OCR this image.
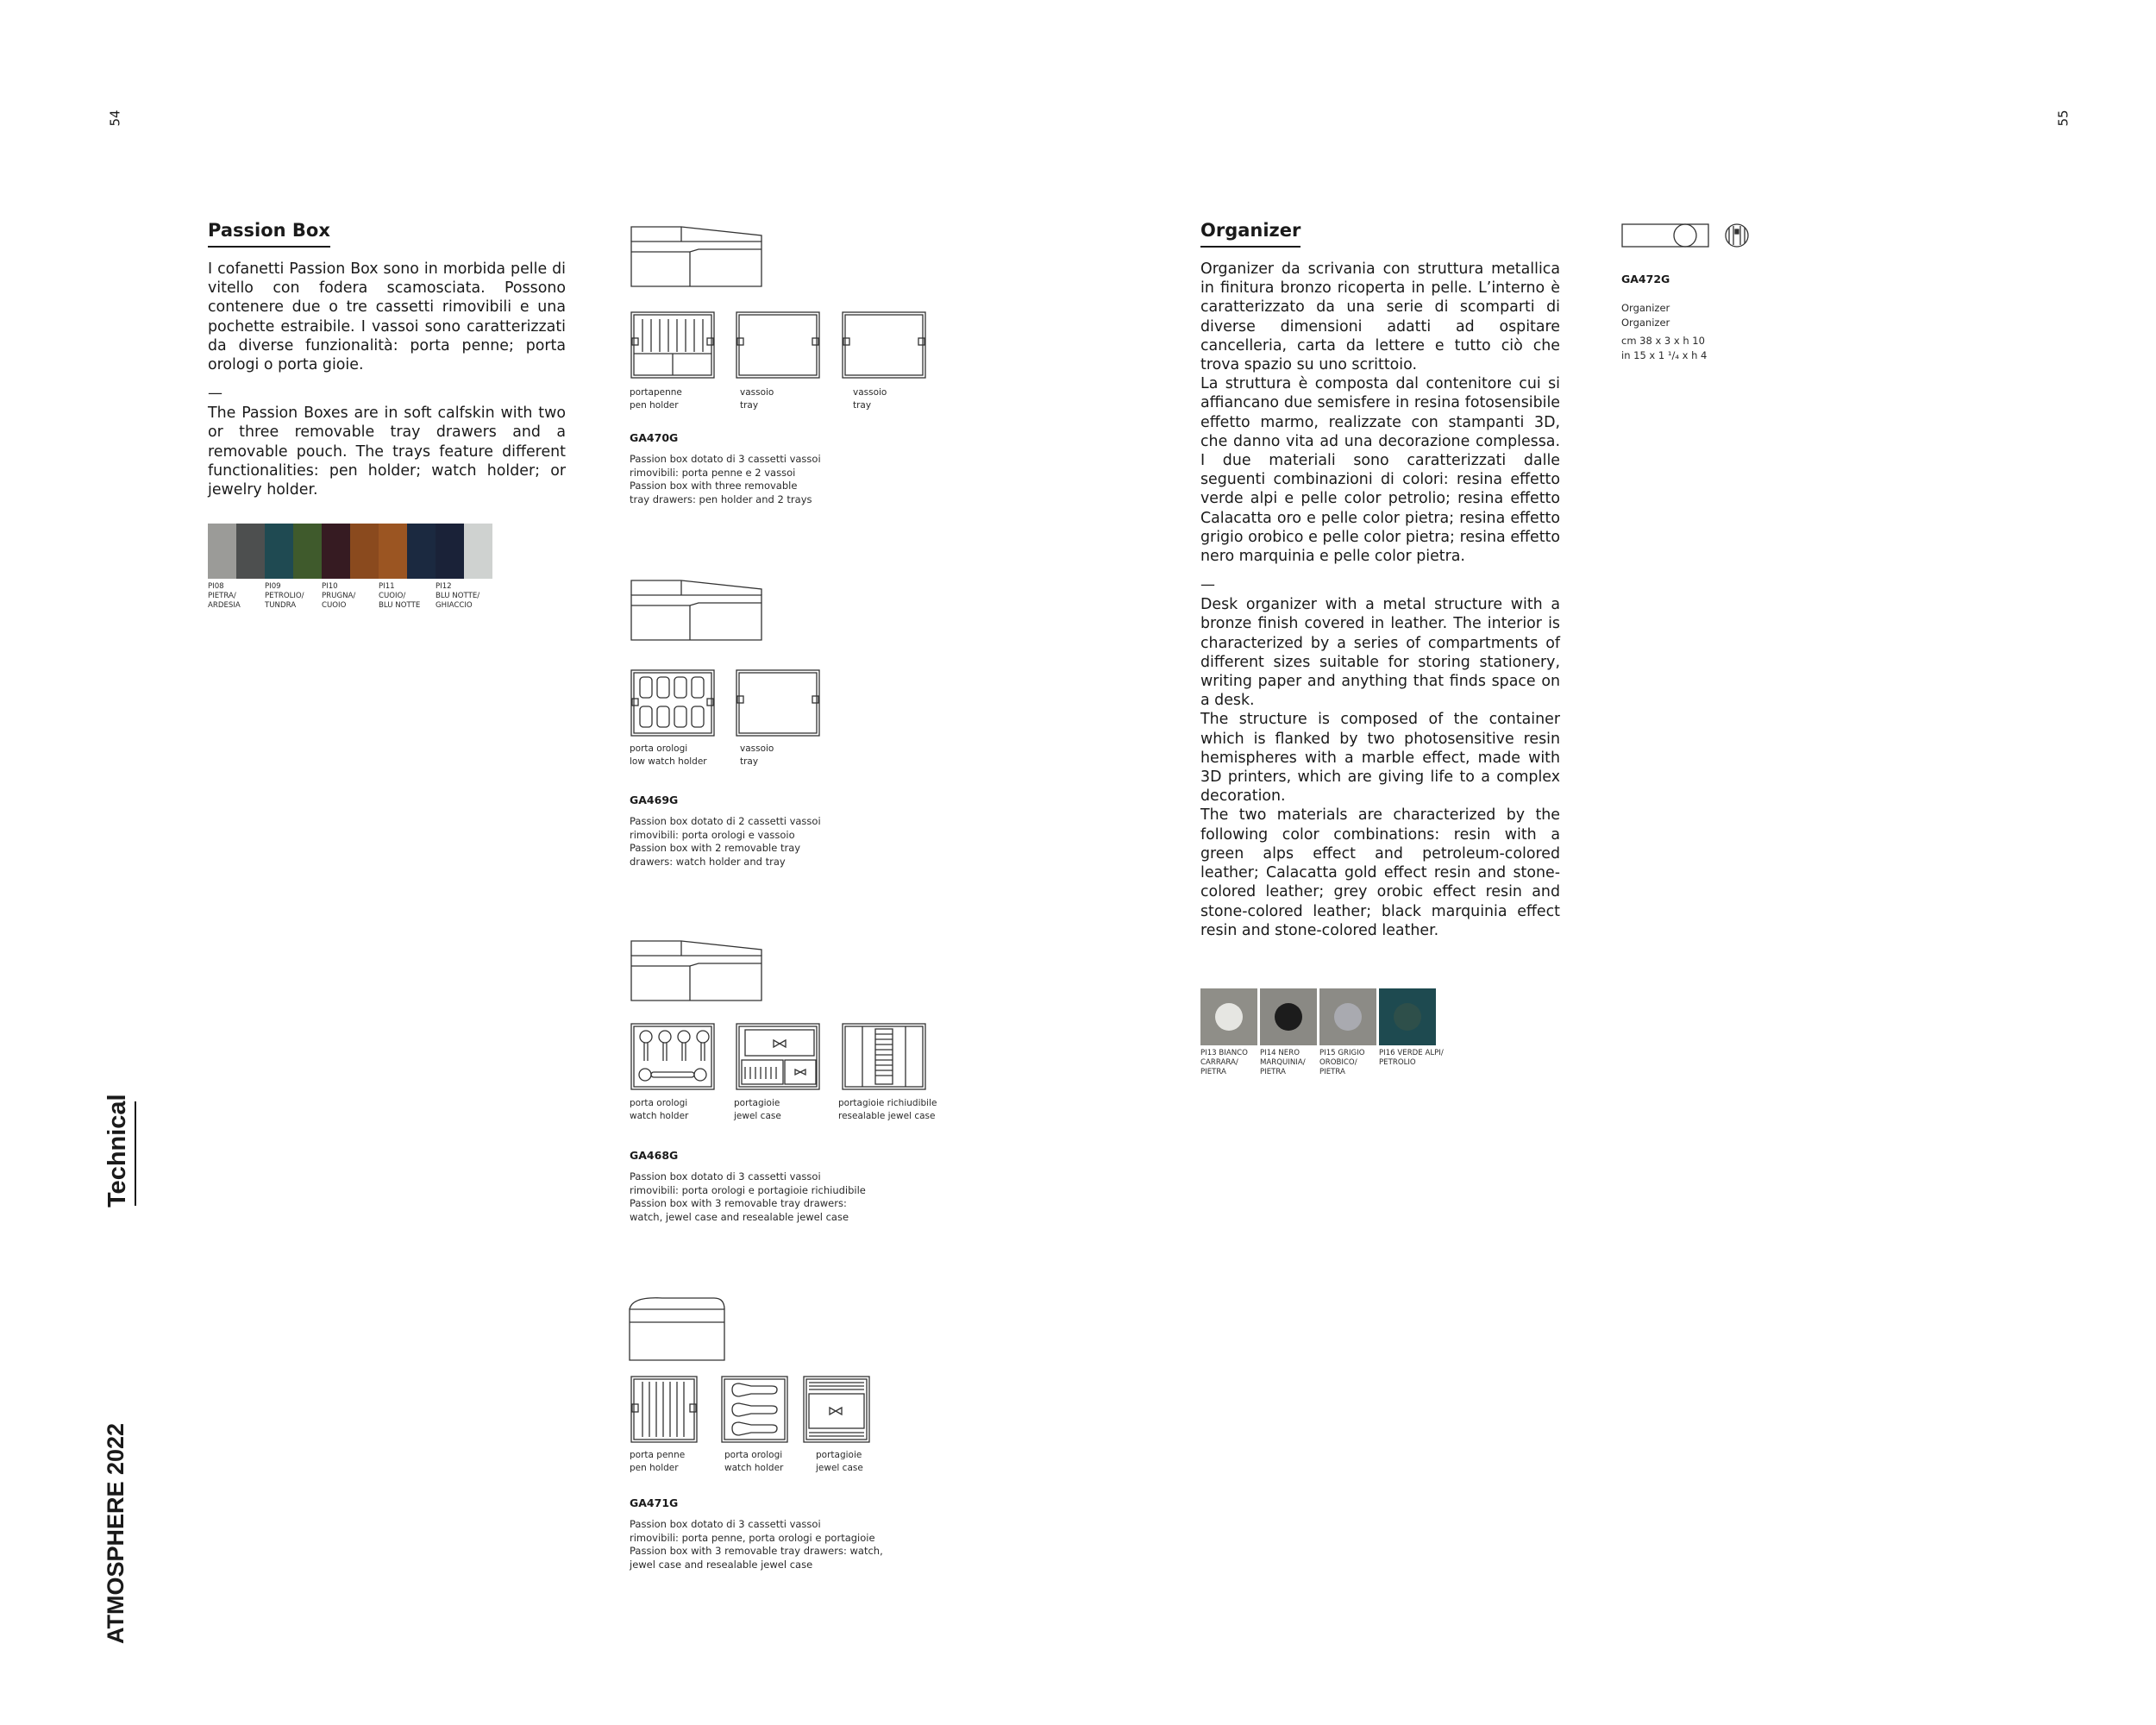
54	55
Technical
ATMOSPHERE 2022
Passion Box
I cofanetti Passion Box sono in morbida pelle di vitello con fodera scamosciata. Possono contenere due o tre cassetti rimovibili e una pochette estraibile. I vassoi sono caratterizzati da diverse funzionalità: porta penne; porta orologi o porta gioie.
—
The Passion Boxes are in soft calfskin with two or three removable tray drawers and a removable pouch. The trays feature different functionalities: pen holder; watch holder; or jewelry holder.
PI08
PIETRA/
ARDESIA
PI09
PETROLIO/
TUNDRA
PI10
PRUGNA/
CUOIO
PI11
CUOIO/
BLU NOTTE
PI12
BLU NOTTE/
GHIACCIO
portapenne
pen holder
vassoio
tray
vassoio
tray
GA470G
Passion box dotato di 3 cassetti vassoi
rimovibili: porta penne e 2 vassoi
Passion box with three removable
tray drawers: pen holder and 2 trays
porta orologi
low watch holder
vassoio
tray
GA469G
Passion box dotato di 2 cassetti vassoi
rimovibili: porta orologi e vassoio
Passion box with 2 removable tray
drawers: watch holder and tray
porta orologi
watch holder
portagioie
jewel case
portagioie richiudibile
resealable jewel case
GA468G
Passion box dotato di 3 cassetti vassoi
rimovibili: porta orologi e portagioie richiudibile
Passion box with 3 removable tray drawers:
watch, jewel case and resealable jewel case
porta penne
pen holder
porta orologi
watch holder
portagioie
jewel case
GA471G
Passion box dotato di 3 cassetti vassoi
rimovibili: porta penne, porta orologi e portagioie
Passion box with 3 removable tray drawers: watch,
jewel case and resealable jewel case
Organizer
Organizer da scrivania con struttura metallica in finitura bronzo ricoperta in pelle. L’interno è caratterizzato da una serie di scomparti di diverse dimensioni adatti ad ospitare cancelleria, carta da lettere e tutto ciò che trova spazio su uno scrittoio.
La struttura è composta dal contenitore cui si affiancano due semisfere in resina fotosensibile effetto marmo, realizzate con stampanti 3D, che danno vita ad una decorazione complessa. I due materiali sono caratterizzati dalle seguenti combinazioni di colori: resina effetto verde alpi e pelle color petrolio; resina effetto Calacatta oro e pelle color pietra; resina effetto grigio orobico e pelle color pietra; resina effetto nero marquinia e pelle color pietra.
—
Desk organizer with a metal structure with a bronze finish covered in leather. The interior is characterized by a series of compartments of different sizes suitable for storing stationery, writing paper and anything that finds space on a desk.
The structure is composed of the container which is flanked by two photosensitive resin hemispheres with a marble effect, made with 3D printers, which are giving life to a complex decoration.
The two materials are characterized by the following color combinations: resin with a green alps effect and petroleum-colored leather; Calacatta gold effect resin and stone-colored leather; grey orobic effect resin and stone-colored leather; black marquinia effect resin and stone-colored leather.
PI13 BIANCO
CARRARA/
PIETRA
PI14 NERO
MARQUINIA/
PIETRA
PI15 GRIGIO
OROBICO/
PIETRA
PI16 VERDE ALPI/
PETROLIO
GA472G
Organizer
Organizer
cm 38 x 3 x h 10
in 15 x 1 ¹/₄ x h 4
